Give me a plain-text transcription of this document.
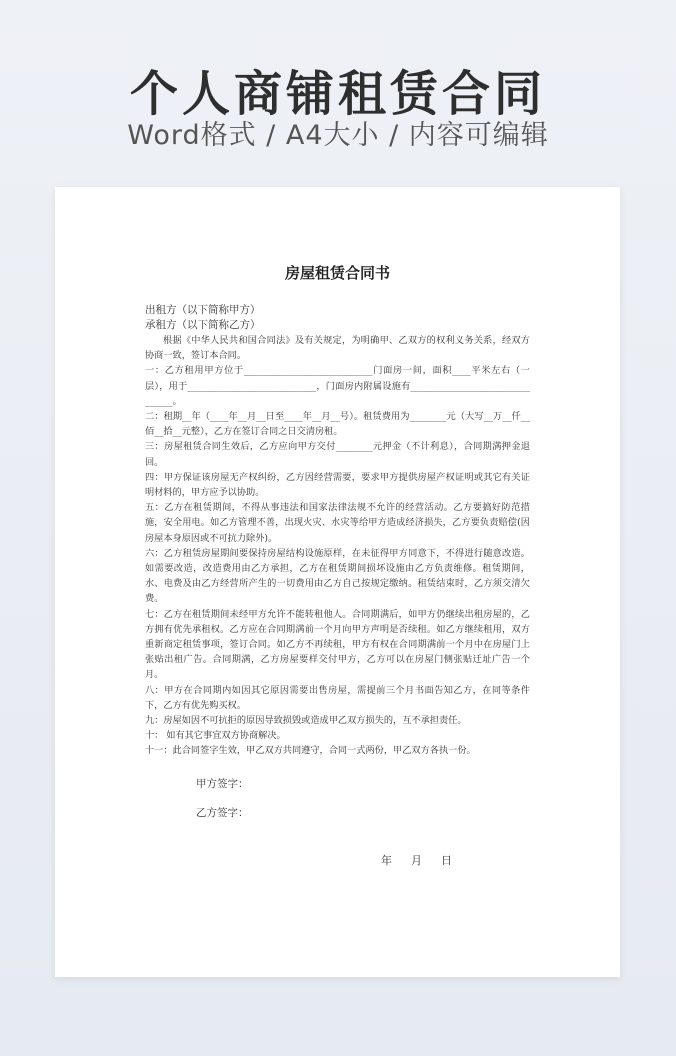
个人商铺租赁合同
Word格式 / A4大小 / 内容可编辑
房屋租赁合同书

出租方（以下简称甲方）

承租方（以下简称乙方）

根据《中华人民共和国合同法》及有关规定，为明确甲、乙双方的权利义务关系，经双方协商一致，签订本合同。

一：乙方租用甲方位于____________________________门面房一间，面积____平米左右（一层），用于____________________________，门面房内附属设施有________________________________。

二：租期__年（____年__月__日至____年__月__号）。租赁费用为________元（大写__万__仟__佰__拾__元整），乙方在签订合同之日交清房租。

三：房屋租赁合同生效后，乙方应向甲方交付________元押金（不计利息），合同期满押金退回。

四：甲方保证该房屋无产权纠纷，乙方因经营需要，要求甲方提供房屋产权证明或其它有关证明材料的，甲方应予以协助。

五：乙方在租赁期间，不得从事违法和国家法律法规不允许的经营活动。乙方要搞好防范措施，安全用电。如乙方管理不善，出现火灾、水灾等给甲方造成经济损失，乙方要负责赔偿(因房屋本身原因或不可抗力除外)。

六：乙方租赁房屋期间要保持房屋结构设施原样，在未征得甲方同意下，不得进行随意改造。如需要改造，改造费用由乙方承担，乙方在租赁期间损坏设施由乙方负责维修。租赁期间，水、电费及由乙方经营所产生的一切费用由乙方自己按规定缴纳。租赁结束时，乙方须交清欠费。

七：乙方在租赁期间未经甲方允许不能转租他人。合同期满后，如甲方仍继续出租房屋的，乙方拥有优先承租权。乙方应在合同期满前一个月向甲方声明是否续租。如乙方继续租用，双方重新商定租赁事项，签订合同。如乙方不再续租，甲方有权在合同期满前一个月中在房屋门上张贴出租广告。合同期满，乙方房屋要样交付甲方，乙方可以在房屋门侧张贴迁址广告一个月。

八：甲方在合同期内如因其它原因需要出售房屋，需提前三个月书面告知乙方，在同等条件下，乙方有优先购买权。

九：房屋如因不可抗拒的原因导致损毁或造成甲乙双方损失的，互不承担责任。

十： 如有其它事宜双方协商解决。

十一：此合同签字生效，甲乙双方共同遵守，合同一式两份，甲乙双方各执一份。

甲方签字：

乙方签字：

年    月    日
